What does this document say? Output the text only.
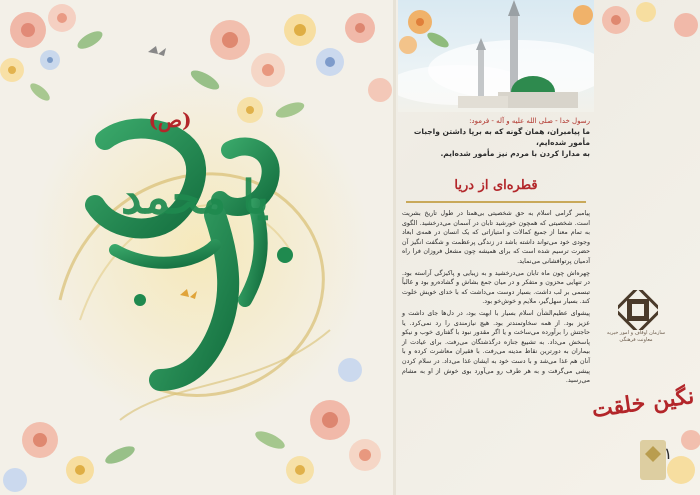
یا محمد
(ص)	رسول خدا - صلی الله علیه و آله - فرمود:
ما پیامبران، همان گونه که به برپا داشتن واجبات مأمور شده‌ایم،
به مدارا کردن با مردم نیز مأمور شده‌ایم.
قطره‌ای از دریا

پیامبر گرامی اسلام به حق شخصیتی بی‌همتا در طول تاریخ بشریت است. شخصیتی که همچون خورشید تابان در آسمان می‌درخشید. الگوی به تمام معنا از جمیع کمالات و امتیازاتی که یک انسان در همه‌ی ابعاد وجودی خود می‌تواند داشته باشد در زندگی پرعظمت و شگفت انگیز آن حضرت ترسیم شده است که برای همیشه چون مشعل فروزان فرا راه آدمیان پرتوافشانی می‌نماید.

چهره‌اش چون ماه تابان می‌درخشید و به زیبایی و پاکیزگی آراسته بود. در تنهایی محزون و متفکر و در میان جمع بشاش و گشاده‌رو بود و غالباً تبسمی بر لب داشت. بسیار دوست می‌داشت که با خدای خویش خلوت کند. بسیار سهل‌گیر، ملایم و خوش‌خو بود.

پیشوای عظیم‌الشأن اسلام بسیار با ابهت بود، در دل‌ها جای داشت و عزیز بود. از همه سخاوتمندتر بود. هیچ نیازمندی را رد نمی‌کرد. یا حاجتش را برآورده می‌ساخت و یا اگر مقدور نبود با گفتاری خوب و نیکو پاسخش می‌داد. به تشییع جنازه درگذشتگان می‌رفت. برای عیادت از بیماران به دورترین نقاط مدینه می‌رفت. با فقیران معاشرت کرده و با آنان هم غذا می‌شد و با دست خود به ایشان غذا می‌داد. در سلام کردن پیشی می‌گرفت و به هر طرف رو می‌آورد بوی خوش از او به مشام می‌رسید.

سازمان اوقاف و امور خیریه
معاونت فرهنگی
نگین خلقت
۱
